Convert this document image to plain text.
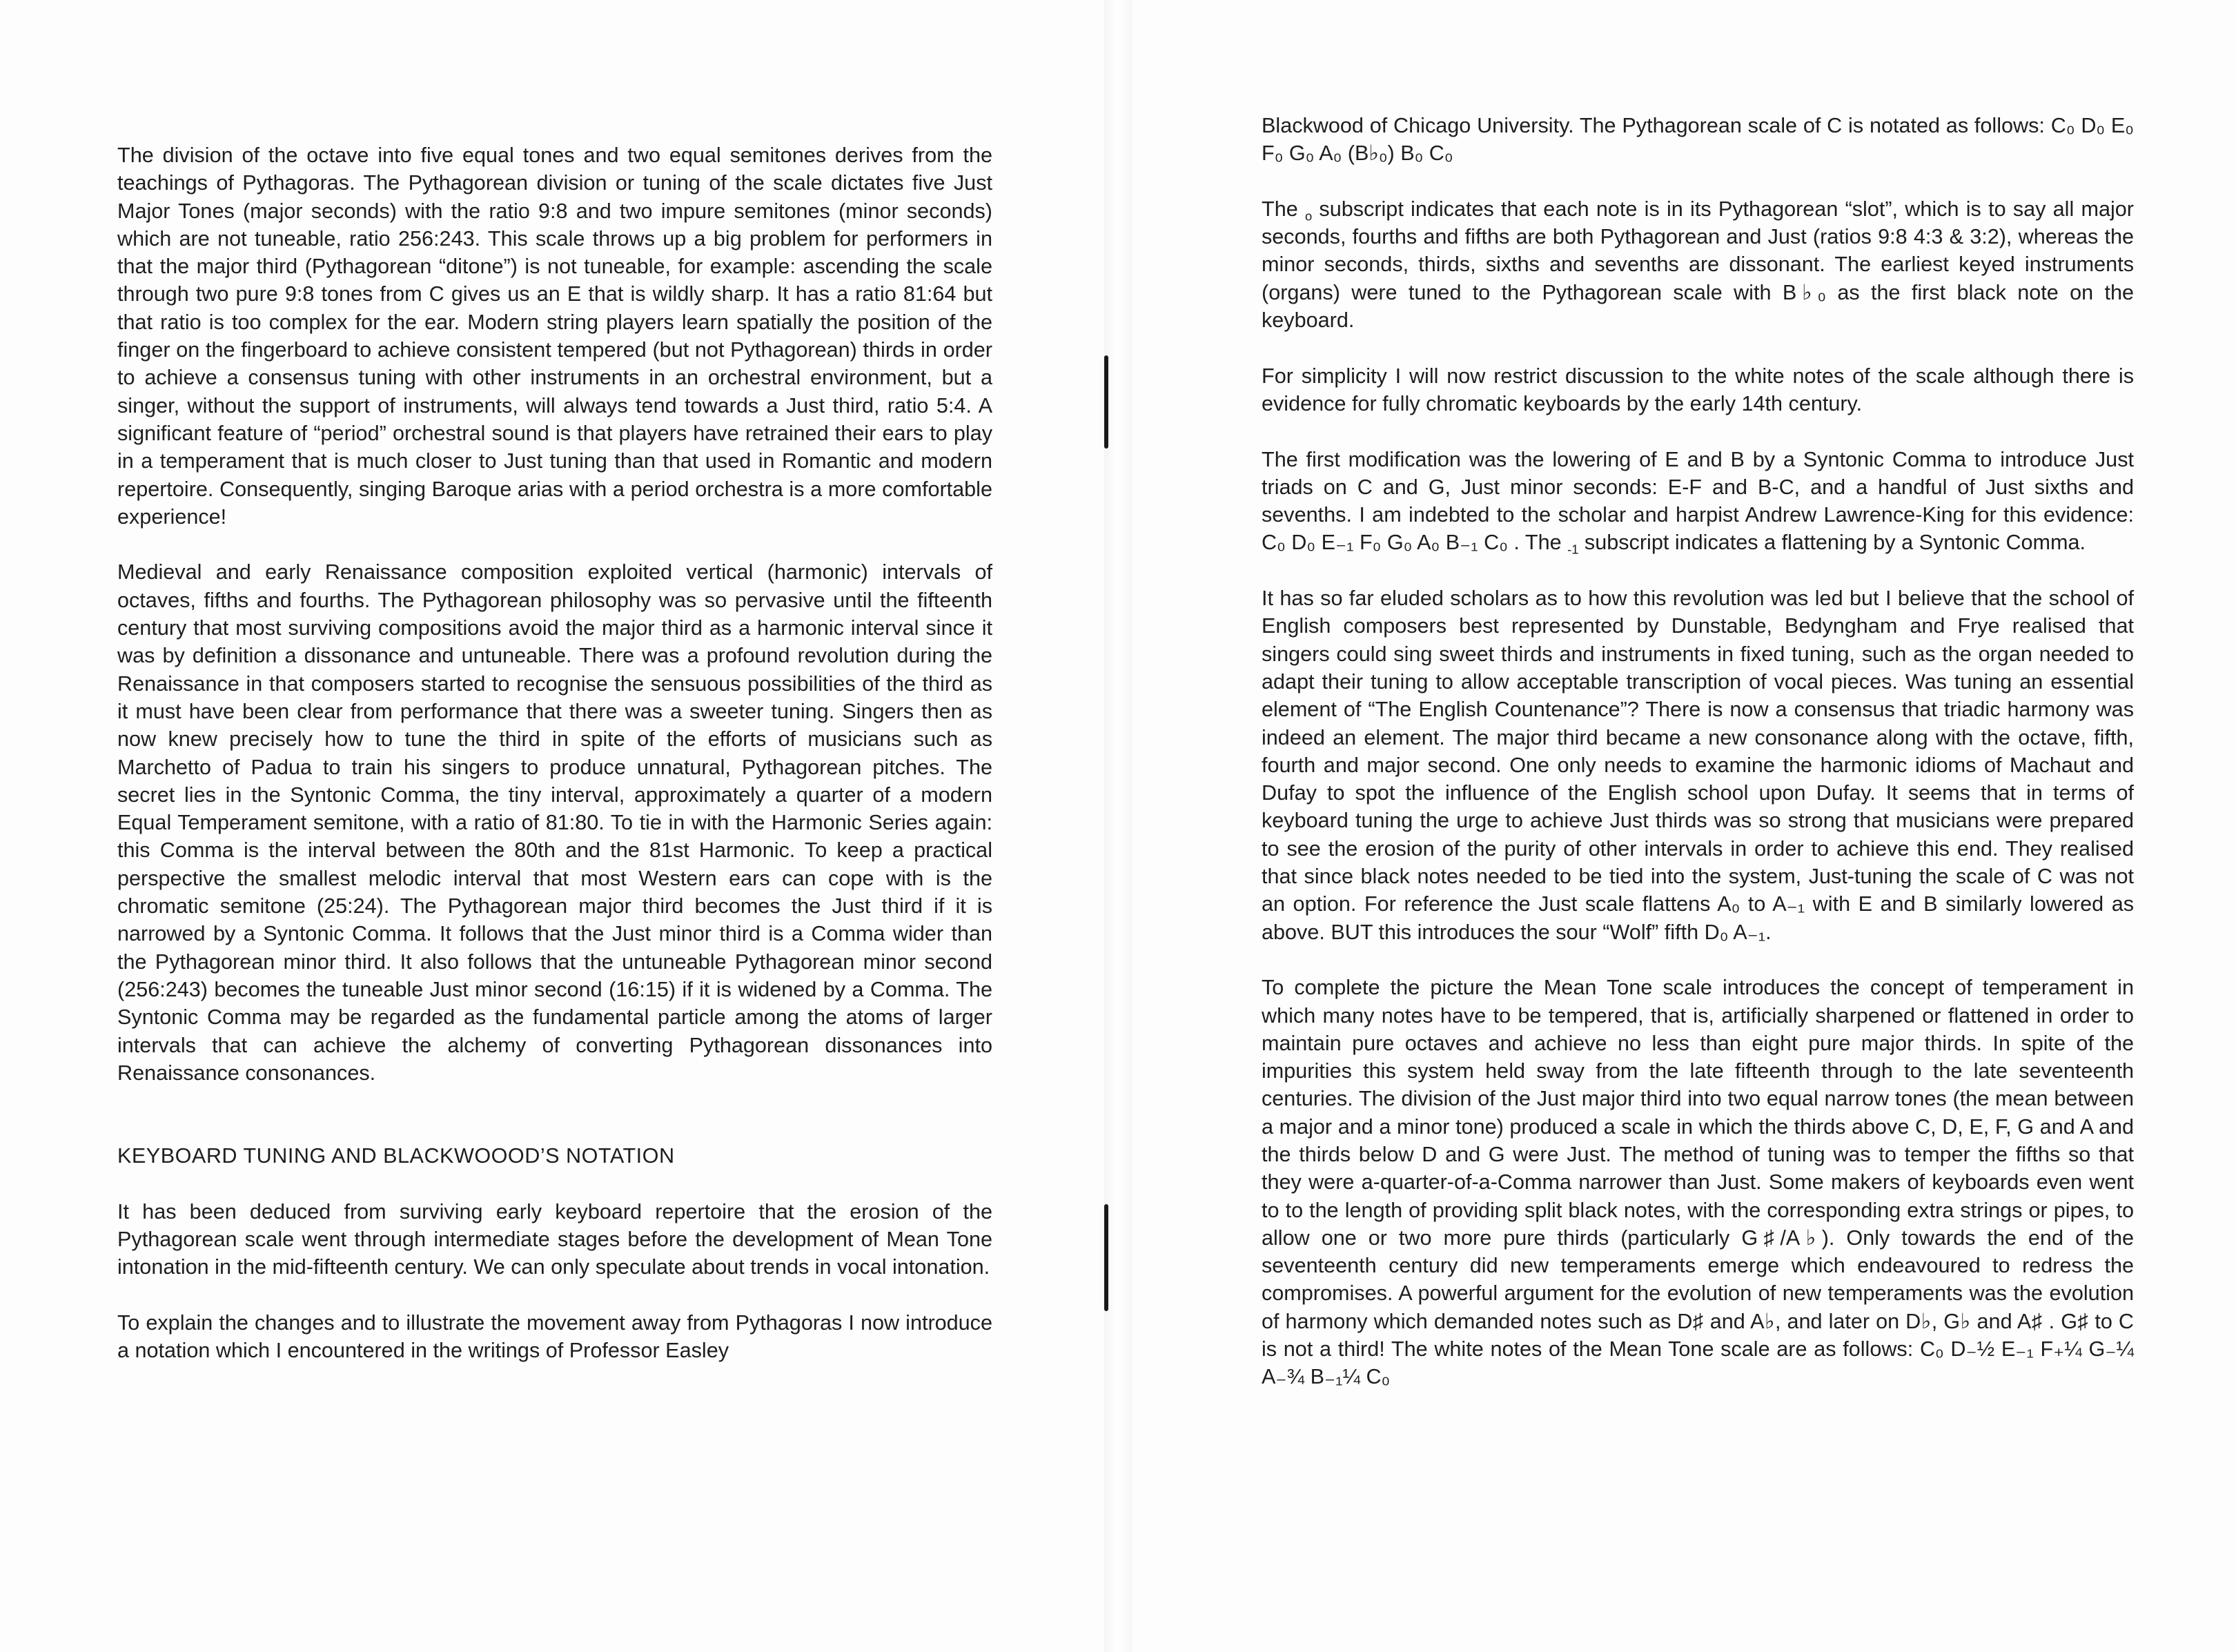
The division of the octave into five equal tones and two equal semitones derives from the teachings of Pythagoras. The Pythagorean division or tuning of the scale dictates five Just Major Tones (major seconds) with the ratio 9:8 and two impure semitones (minor seconds) which are not tuneable, ratio 256:243. This scale throws up a big problem for performers in that the major third (Pythagorean “ditone”) is not tuneable, for example: ascending the scale through two pure 9:8 tones from C gives us an E that is wildly sharp. It has a ratio 81:64 but that ratio is too complex for the ear. Modern string players learn spatially the position of the finger on the fingerboard to achieve consistent tempered (but not Pythagorean) thirds in order to achieve a consensus tuning with other instruments in an orchestral environment, but a singer, without the support of instruments, will always tend towards a Just third, ratio 5:4. A significant feature of “period” orchestral sound is that players have retrained their ears to play in a temperament that is much closer to Just tuning than that used in Romantic and modern repertoire. Consequently, singing Baroque arias with a period orchestra is a more comfortable experience!

Medieval and early Renaissance composition exploited vertical (harmonic) intervals of octaves, fifths and fourths. The Pythagorean philosophy was so pervasive until the fifteenth century that most surviving compositions avoid the major third as a harmonic interval since it was by definition a dissonance and untuneable. There was a profound revolution during the Renaissance in that composers started to recognise the sensuous possibilities of the third as it must have been clear from performance that there was a sweeter tuning. Singers then as now knew precisely how to tune the third in spite of the efforts of musicians such as Marchetto of Padua to train his singers to produce unnatural, Pythagorean pitches. The secret lies in the Syntonic Comma, the tiny interval, approximately a quarter of a modern Equal Temperament semitone, with a ratio of 81:80. To tie in with the Harmonic Series again: this Comma is the interval between the 80th and the 81st Harmonic. To keep a practical perspective the smallest melodic interval that most Western ears can cope with is the chromatic semitone (25:24). The Pythagorean major third becomes the Just third if it is narrowed by a Syntonic Comma. It follows that the Just minor third is a Comma wider than the Pythagorean minor third. It also follows that the untuneable Pythagorean minor second (256:243) becomes the tuneable Just minor second (16:15) if it is widened by a Comma. The Syntonic Comma may be regarded as the fundamental particle among the atoms of larger intervals that can achieve the alchemy of converting Pythagorean dissonances into Renaissance consonances.

KEYBOARD TUNING AND BLACKWOOOD’S NOTATION

It has been deduced from surviving early keyboard repertoire that the erosion of the Pythagorean scale went through intermediate stages before the development of Mean Tone intonation in the mid-fifteenth century. We can only speculate about trends in vocal intonation.

To explain the changes and to illustrate the movement away from Pythagoras I now introduce a notation which I encountered in the writings of Professor Easley

Blackwood of Chicago University. The Pythagorean scale of C is notated as follows: C₀ D₀ E₀ F₀ G₀ A₀ (B♭₀) B₀ C₀

The $_o$ subscript indicates that each note is in its Pythagorean “slot”, which is to say all major seconds, fourths and fifths are both Pythagorean and Just (ratios 9:8 4:3 & 3:2), whereas the minor seconds, thirds, sixths and sevenths are dissonant. The earliest keyed instruments (organs) were tuned to the Pythagorean scale with B♭₀ as the first black note on the keyboard.

For simplicity I will now restrict discussion to the white notes of the scale although there is evidence for fully chromatic keyboards by the early 14th century.

The first modification was the lowering of E and B by a Syntonic Comma to introduce Just triads on C and G, Just minor seconds: E-F and B-C, and a handful of Just sixths and sevenths. I am indebted to the scholar and harpist Andrew Lawrence-King for this evidence: C₀ D₀ E₋₁ F₀ G₀ A₀ B₋₁ C₀ . The $_{-1}$ subscript indicates a flattening by a Syntonic Comma.

It has so far eluded scholars as to how this revolution was led but I believe that the school of English composers best represented by Dunstable, Bedyngham and Frye realised that singers could sing sweet thirds and instruments in fixed tuning, such as the organ needed to adapt their tuning to allow acceptable transcription of vocal pieces. Was tuning an essential element of “The English Countenance”? There is now a consensus that triadic harmony was indeed an element. The major third became a new consonance along with the octave, fifth, fourth and major second. One only needs to examine the harmonic idioms of Machaut and Dufay to spot the influence of the English school upon Dufay. It seems that in terms of keyboard tuning the urge to achieve Just thirds was so strong that musicians were prepared to see the erosion of the purity of other intervals in order to achieve this end. They realised that since black notes needed to be tied into the system, Just-tuning the scale of C was not an option. For reference the Just scale flattens A₀ to A₋₁ with E and B similarly lowered as above. BUT this introduces the sour “Wolf” fifth D₀ A₋₁.

To complete the picture the Mean Tone scale introduces the concept of temperament in which many notes have to be tempered, that is, artificially sharpened or flattened in order to maintain pure octaves and achieve no less than eight pure major thirds. In spite of the impurities this system held sway from the late fifteenth through to the late seventeenth centuries. The division of the Just major third into two equal narrow tones (the mean between a major and a minor tone) produced a scale in which the thirds above C, D, E, F, G and A and the thirds below D and G were Just. The method of tuning was to temper the fifths so that they were a-quarter-of-a-Comma narrower than Just. Some makers of keyboards even went to to the length of providing split black notes, with the corresponding extra strings or pipes, to allow one or two more pure thirds (particularly G♯/A♭). Only towards the end of the seventeenth century did new temperaments emerge which endeavoured to redress the compromises. A powerful argument for the evolution of new temperaments was the evolution of harmony which demanded notes such as D♯ and A♭, and later on D♭, G♭ and A♯ . G♯ to C is not a third! The white notes of the Mean Tone scale are as follows: C₀ D₋½ E₋₁ F₊¼ G₋¼ A₋¾ B₋₁¼ C₀
